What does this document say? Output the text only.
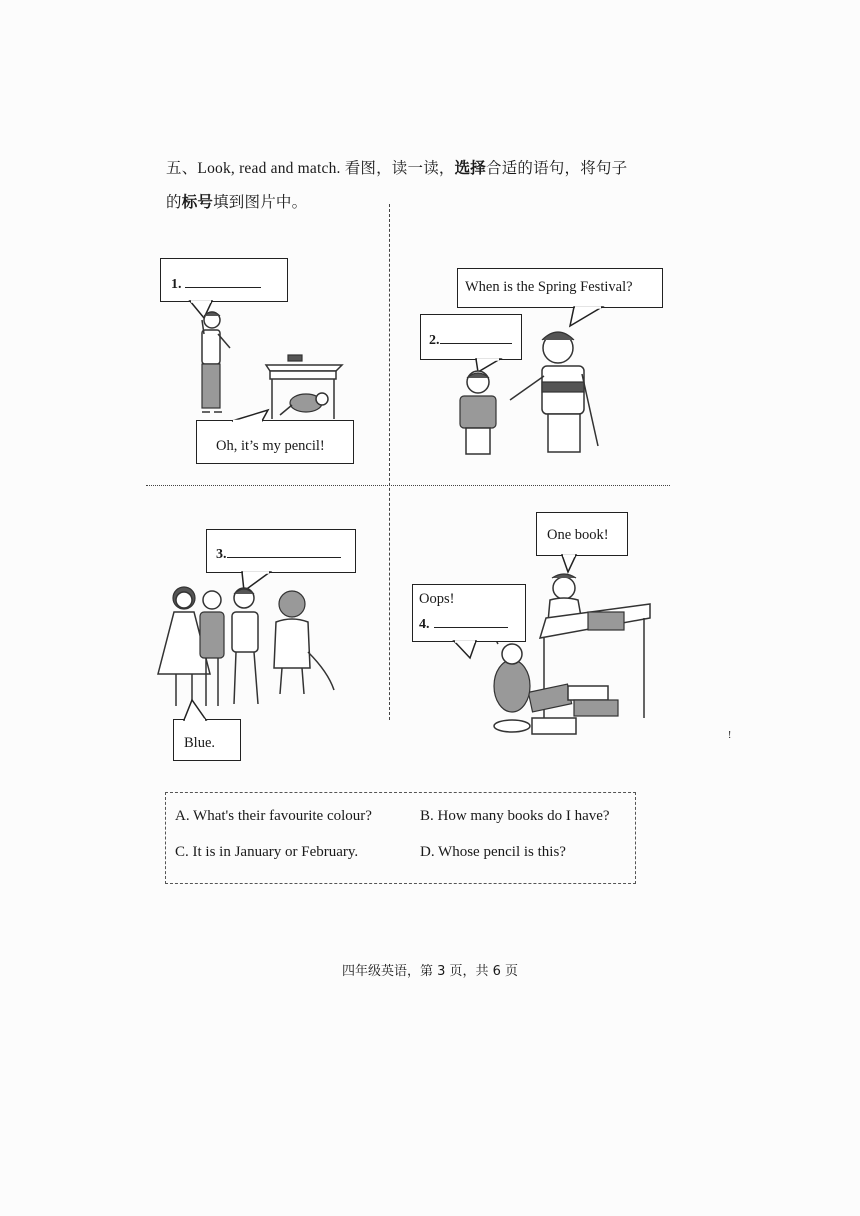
五、Look, read and match. 看图，读一读，选择合适的语句，将句子
的标号填到图片中。
1.
Oh, it’s my pencil!
When is the Spring Festival?
2.
3.
Blue.
One book!
Oops!
4.
!
A. What's their favourite colour?	B. How many books do I have?
C. It is in January or February.	D. Whose pencil is this?
四年级英语，第 3 页，共 6 页
